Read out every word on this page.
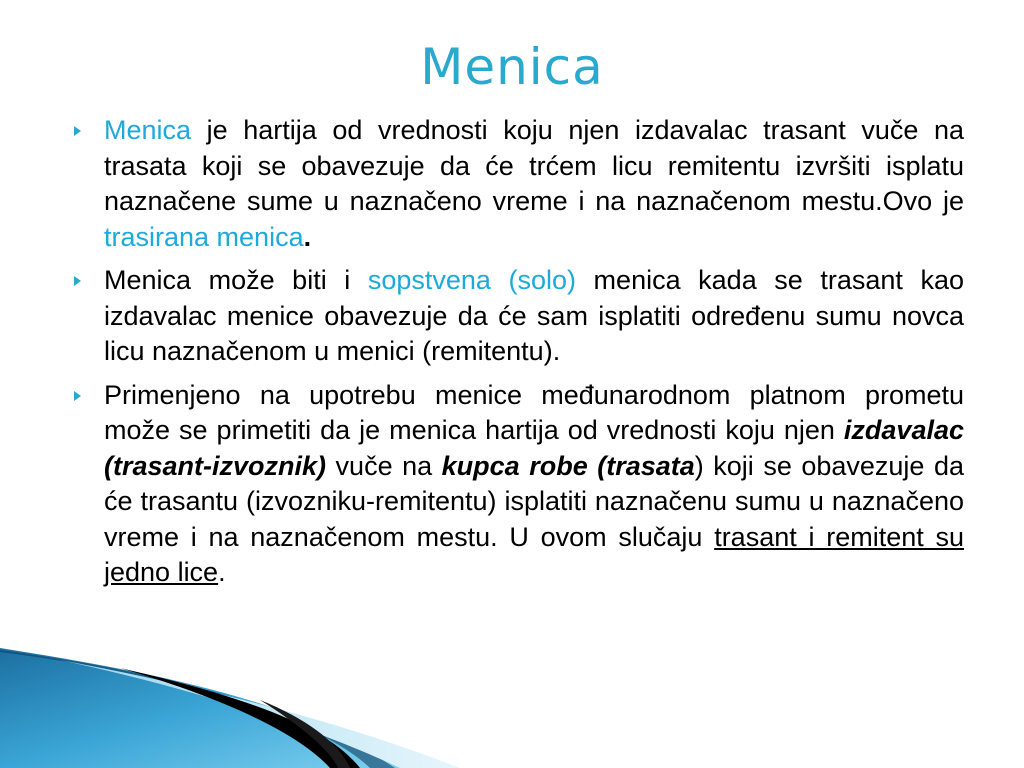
Menica
Menica je hartija od vrednosti koju njen izdavalac trasant vuče na trasata koji se obavezuje da će trćem licu remitentu izvršiti isplatu naznačene sume u naznačeno vreme i na naznačenom mestu.Ovo je trasirana menica.
Menica može biti i sopstvena (solo) menica kada se trasant kao izdavalac menice obavezuje da će sam isplatiti određenu sumu novca licu naznačenom u menici (remitentu).
Primenjeno na upotrebu menice međunarodnom platnom prometu može se primetiti da je menica hartija od vrednosti koju njen izdavalac (trasant-izvoznik) vuče na kupca robe (trasata) koji se obavezuje da će trasantu (izvozniku-remitentu) isplatiti naznačenu sumu u naznačeno vreme i na naznačenom mestu. U ovom slučaju trasant i remitent su jedno lice.
